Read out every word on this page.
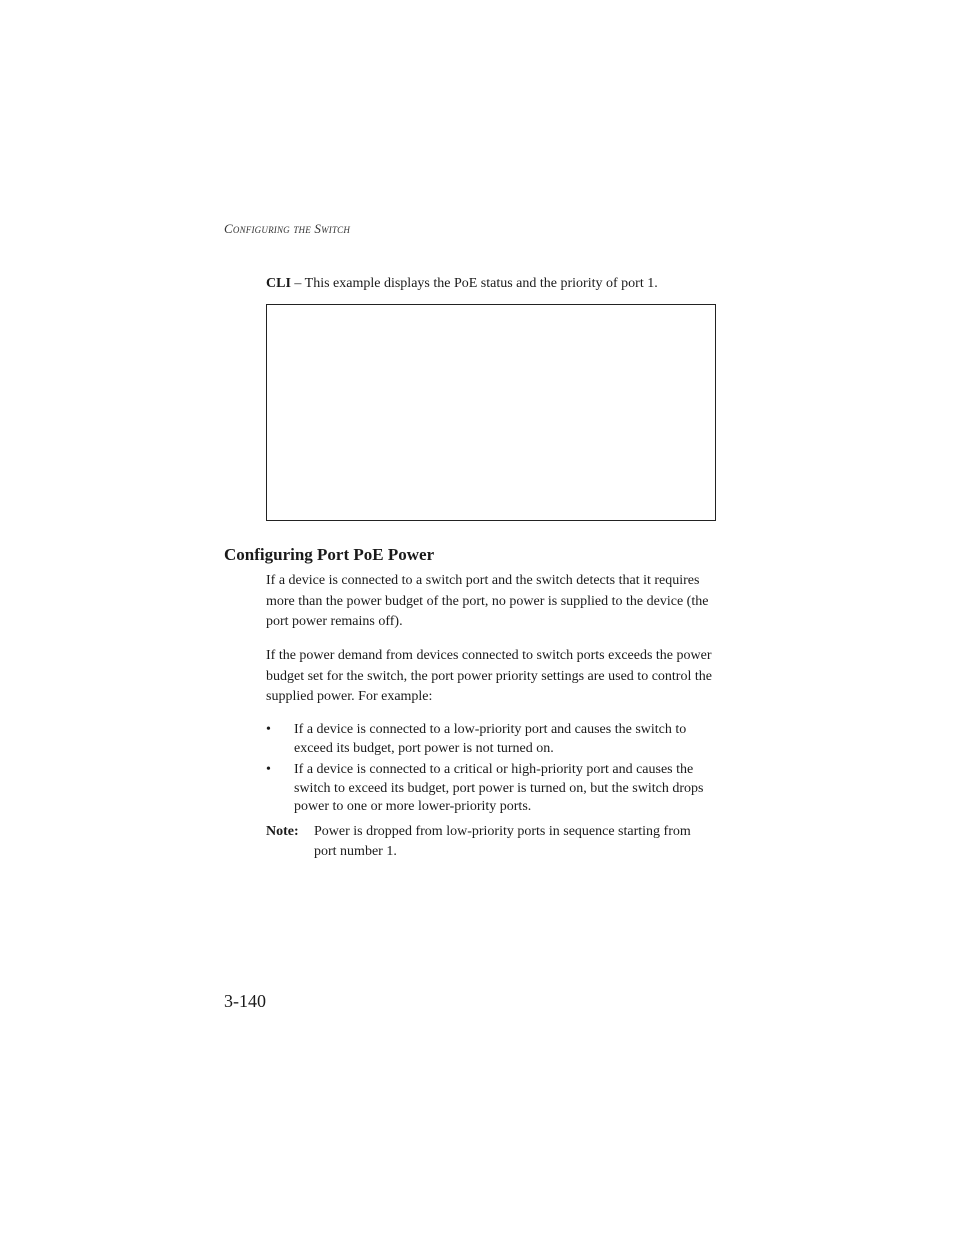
Configuring the Switch
CLI – This example displays the PoE status and the priority of port 1.
Configuring Port PoE Power
If a device is connected to a switch port and the switch detects that it requires more than the power budget of the port, no power is supplied to the device (the port power remains off).
If the power demand from devices connected to switch ports exceeds the power budget set for the switch, the port power priority settings are used to control the supplied power. For example:
• If a device is connected to a low-priority port and causes the switch to exceed its budget, port power is not turned on.
• If a device is connected to a critical or high-priority port and causes the switch to exceed its budget, port power is turned on, but the switch drops power to one or more lower-priority ports.
Note: Power is dropped from low-priority ports in sequence starting from port number 1.
3-140
